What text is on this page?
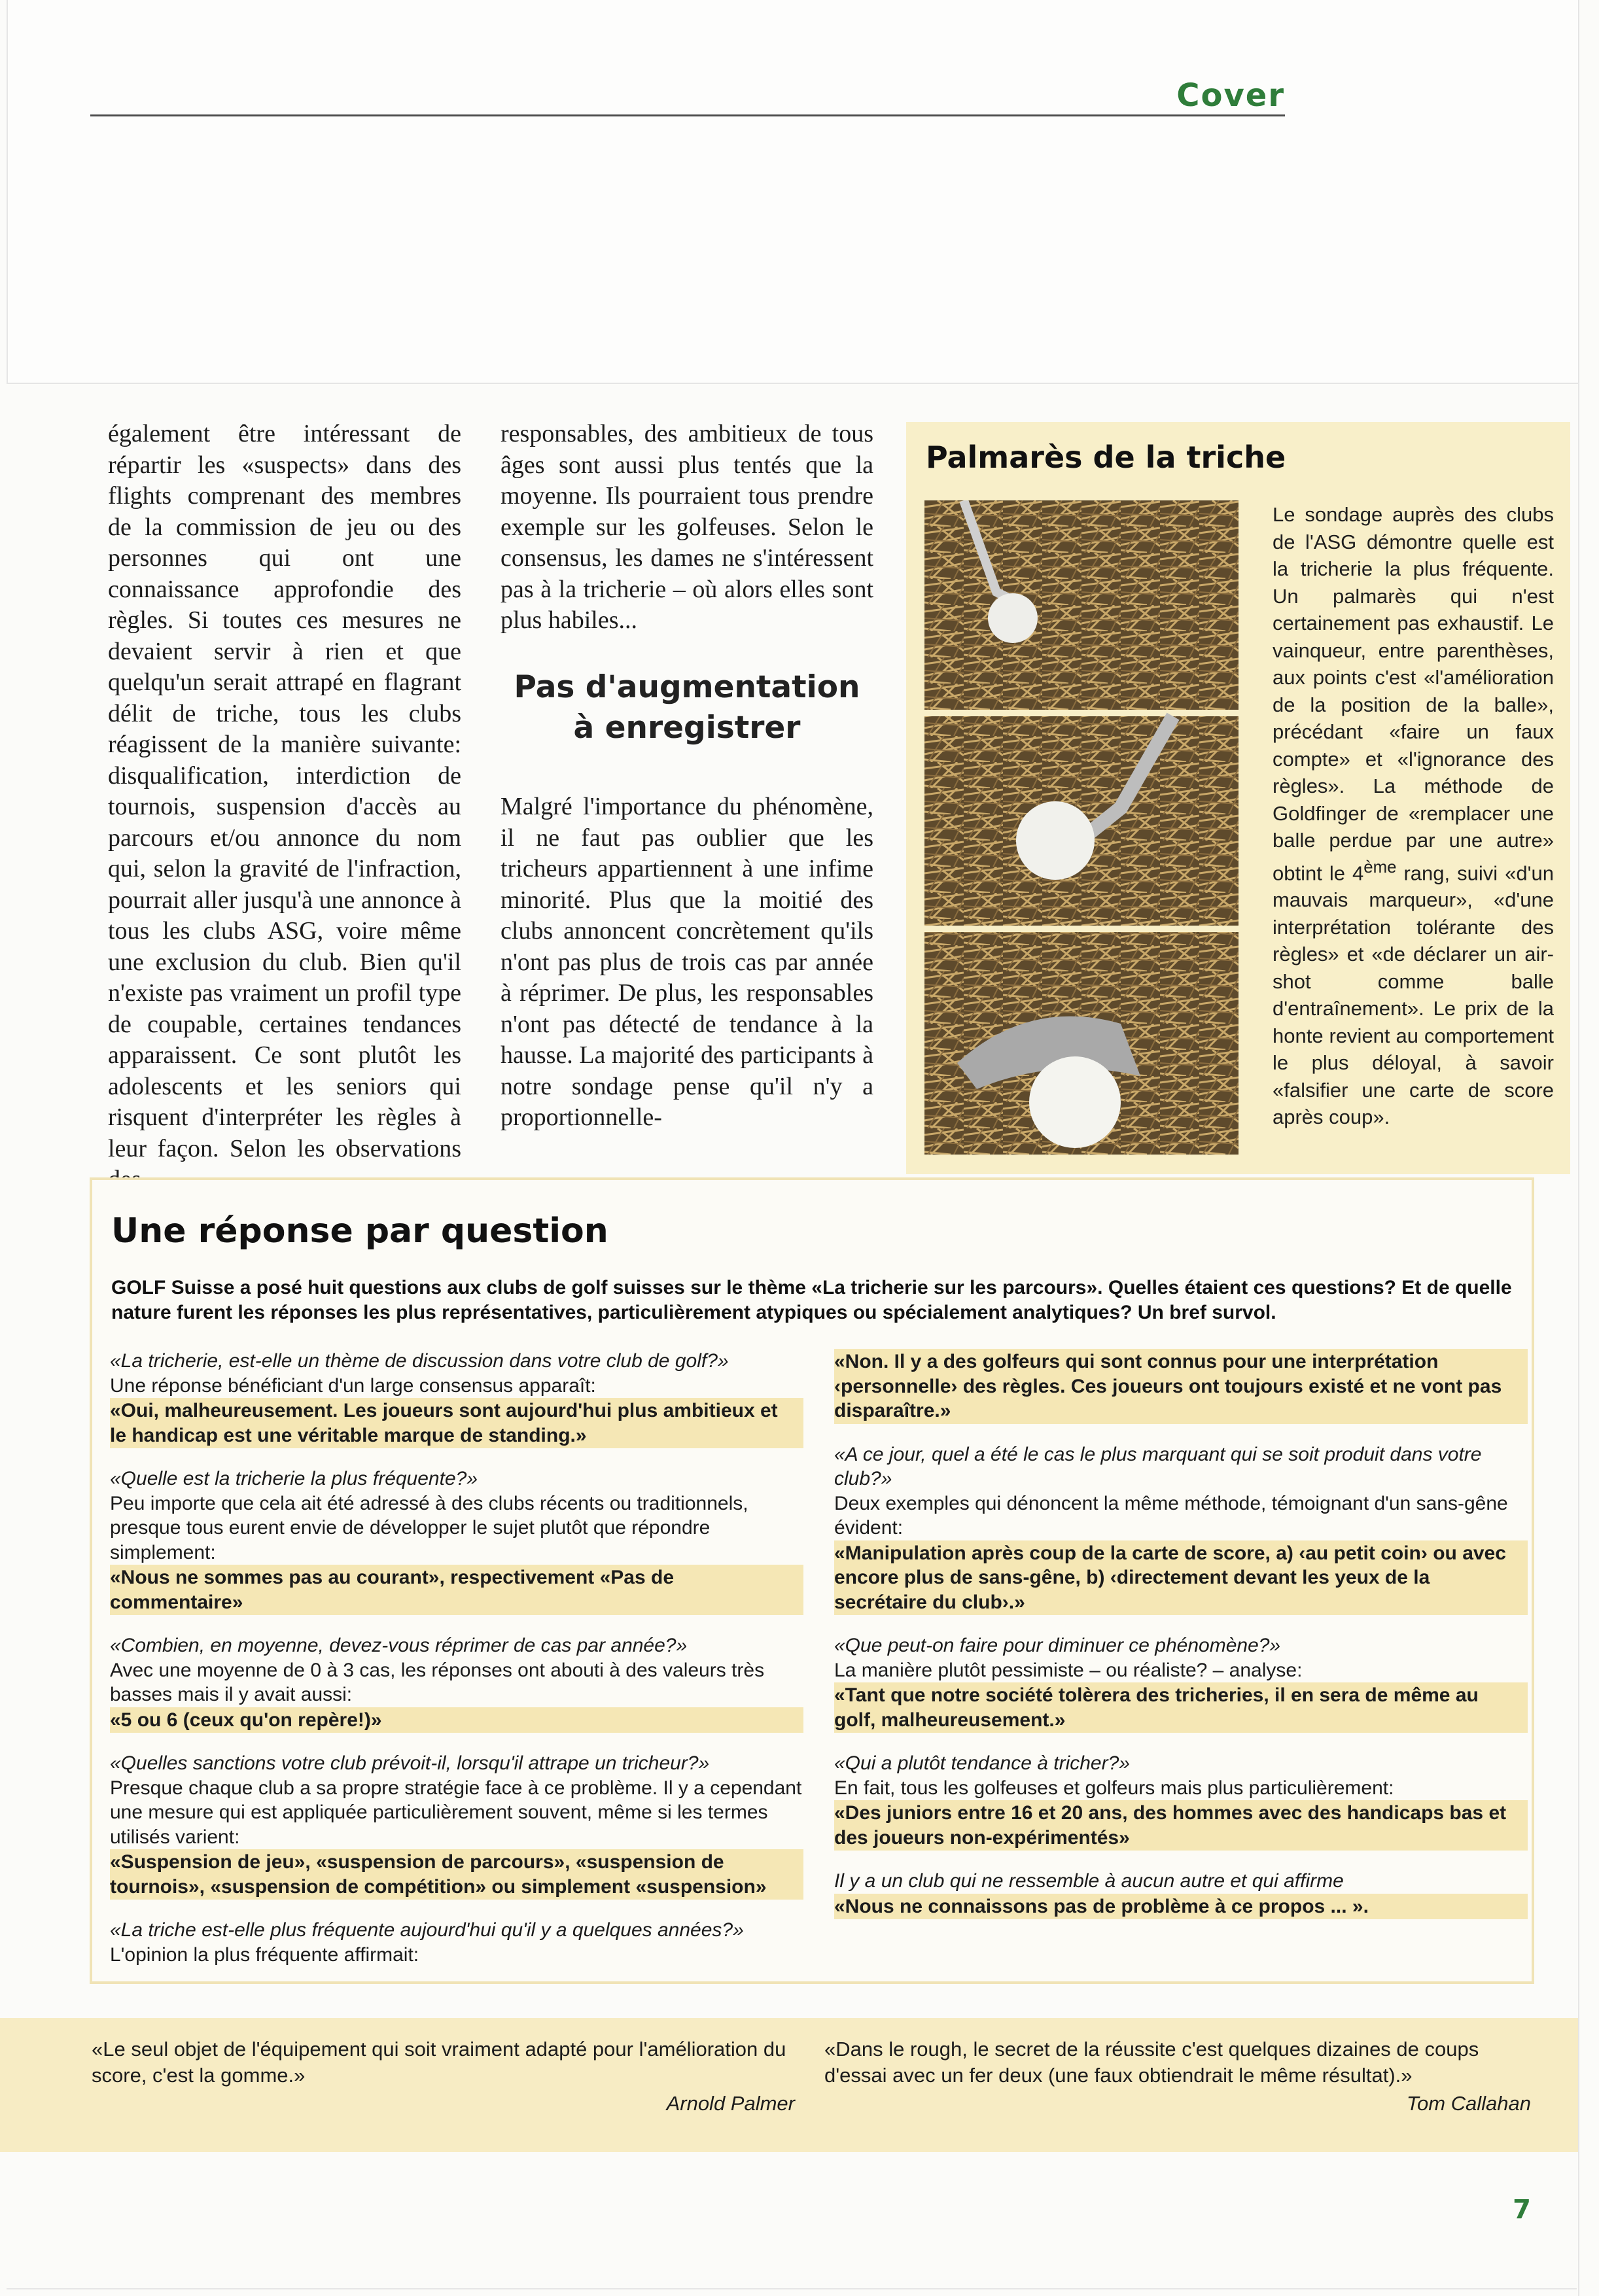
Cover
également être intéressant de répartir les «suspects» dans des flights comprenant des membres de la commission de jeu ou des personnes qui ont une connaissance approfondie des règles. Si toutes ces mesures ne devaient servir à rien et que quelqu'un serait attrapé en flagrant délit de triche, tous les clubs réagissent de la manière suivante: disqualification, interdiction de tournois, suspension d'accès au parcours et/ou annonce du nom qui, selon la gravité de l'infraction, pourrait aller jusqu'à une annonce à tous les clubs ASG, voire même une exclusion du club. Bien qu'il n'existe pas vraiment un profil type de coupable, certaines tendances apparaissent. Ce sont plutôt les adolescents et les seniors qui risquent d'interpréter les règles à leur façon. Selon les observations
responsables, des ambitieux de tous âges sont aussi plus tentés que la moyenne. Ils pourraient tous prendre exemple sur les golfeuses. Selon le consensus, les dames ne s'intéressent pas à la tricherie – où alors elles sont plus habiles...
Pas d'augmentation à enregistrer
Malgré l'importance du phénomène, il ne faut pas oublier que les tricheurs appartiennent à une infime minorité. Plus que la moitié des clubs annoncent concrètement qu'ils n'ont pas plus de trois cas par année à réprimer. De plus, les responsables n'ont pas détecté de tendance à la hausse. La majorité des participants à notre sondage pense qu'il n'y a proportionnelle-
Palmarès de la triche
Le sondage auprès des clubs de l'ASG démontre quelle est la tricherie la plus fréquente. Un palmarès qui n'est certainement pas exhaustif. Le vainqueur, entre parenthèses, aux points c'est «l'amélioration de la position de la balle», précédant «faire un faux compte» et «l'ignorance des règles». La méthode de Goldfinger de «remplacer une balle perdue par une autre» obtint le 4ème rang, suivi «d'un mauvais marqueur», «d'une interprétation tolérante des règles» et «de déclarer un air-shot comme balle d'entraînement». Le prix de la honte revient au comportement le plus déloyal, à savoir «falsifier une carte de score après coup».
Une réponse par question
GOLF Suisse a posé huit questions aux clubs de golf suisses sur le thème «La tricherie sur les parcours». Quelles étaient ces questions? Et de quelle nature furent les réponses les plus représentatives, particulièrement atypiques ou spécialement analytiques? Un bref survol.
«La tricherie, est-elle un thème de discussion dans votre club de golf?»
Une réponse bénéficiant d'un large consensus apparaît:
«Oui, malheureusement. Les joueurs sont aujourd'hui plus ambitieux et le handicap est une véritable marque de standing.»
«Quelle est la tricherie la plus fréquente?»
Peu importe que cela ait été adressé à des clubs récents ou traditionnels, presque tous eurent envie de développer le sujet plutôt que répondre simplement:
«Nous ne sommes pas au courant», respectivement «Pas de commentaire»
«Combien, en moyenne, devez-vous réprimer de cas par année?»
Avec une moyenne de 0 à 3 cas, les réponses ont abouti à des valeurs très basses mais il y avait aussi:
«5 ou 6 (ceux qu'on repère!)»
«Quelles sanctions votre club prévoit-il, lorsqu'il attrape un tricheur?»
Presque chaque club a sa propre stratégie face à ce problème. Il y a cependant une mesure qui est appliquée particulièrement souvent, même si les termes utilisés varient:
«Suspension de jeu», «suspension de parcours», «suspension de tournois», «suspension de compétition» ou simplement «suspension»
«La triche est-elle plus fréquente aujourd'hui qu'il y a quelques années?»
L'opinion la plus fréquente affirmait:
«Non. Il y a des golfeurs qui sont connus pour une interprétation ‹personnelle› des règles. Ces joueurs ont toujours existé et ne vont pas disparaître.»
«A ce jour, quel a été le cas le plus marquant qui se soit produit dans votre club?»
Deux exemples qui dénoncent la même méthode, témoignant d'un sans-gêne évident:
«Manipulation après coup de la carte de score, a) ‹au petit coin› ou avec encore plus de sans-gêne, b) ‹directement devant les yeux de la secrétaire du club›.»
«Que peut-on faire pour diminuer ce phénomène?»
La manière plutôt pessimiste – ou réaliste? – analyse:
«Tant que notre société tolèrera des tricheries, il en sera de même au golf, malheureusement.»
«Qui a plutôt tendance à tricher?»
En fait, tous les golfeuses et golfeurs mais plus particulièrement:
«Des juniors entre 16 et 20 ans, des hommes avec des handicaps bas et des joueurs non-expérimentés»
Il y a un club qui ne ressemble à aucun autre et qui affirme
«Nous ne connaissons pas de problème à ce propos ... ».
«Le seul objet de l'équipement qui soit vraiment adapté pour l'amélioration du score, c'est la gomme.»
Arnold Palmer
«Dans le rough, le secret de la réussite c'est quelques dizaines de coups d'essai avec un fer deux (une faux obtiendrait le même résultat).»
Tom Callahan
7
